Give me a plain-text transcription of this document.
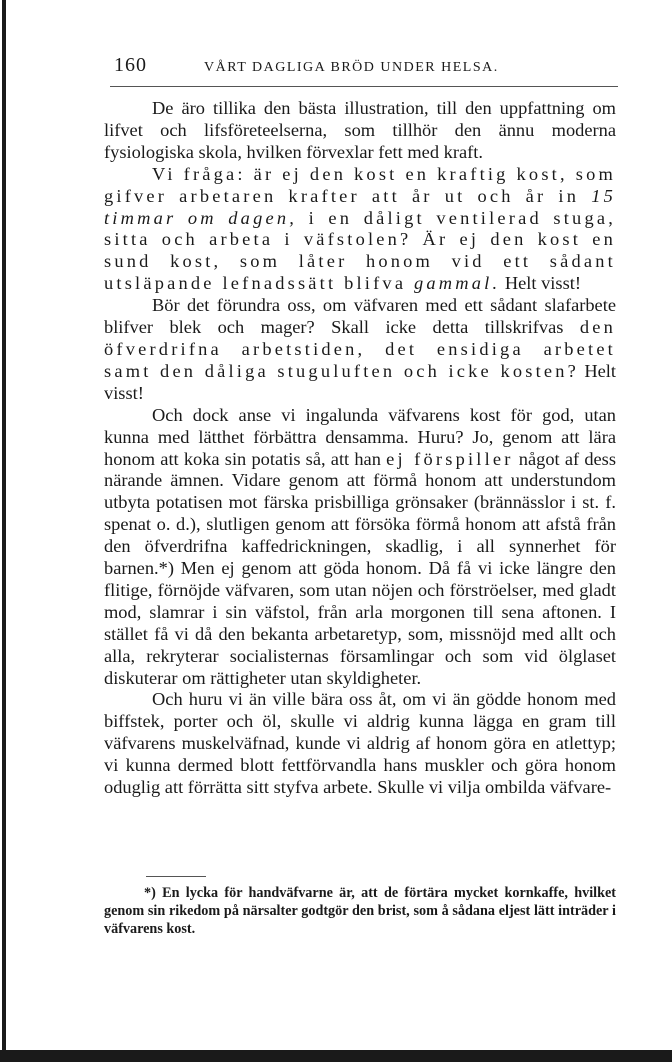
160	VÅRT DAGLIGA BRÖD UNDER HELSA.

De äro tillika den bästa illustration, till den uppfattning om lifvet och lifsföreteelserna, som tillhör den ännu moderna fysiologiska skola, hvilken förvexlar fett med kraft.

Vi fråga: är ej den kost en kraftig kost, som gifver arbetaren krafter att år ut och år in 15 timmar om dagen, i en dåligt ventilerad stuga, sitta och arbeta i väfstolen? Är ej den kost en sund kost, som låter honom vid ett sådant utsläpande lefnadssätt blifva gammal. Helt visst!

Bör det förundra oss, om väfvaren med ett sådant slafarbete blifver blek och mager? Skall icke detta tillskrifvas den öfverdrifna arbetstiden, det ensidiga arbetet samt den dåliga stuguluften och icke kosten? Helt visst!

Och dock anse vi ingalunda väfvarens kost för god, utan kunna med lätthet förbättra densamma. Huru? Jo, genom att lära honom att koka sin potatis så, att han ej förspiller något af dess närande ämnen. Vidare genom att förmå honom att understundom utbyta potatisen mot färska prisbilliga grönsaker (brännässlor i st. f. spenat o. d.), slutligen genom att försöka förmå honom att afstå från den öfverdrifna kaffedrickningen, skadlig, i all synnerhet för barnen.*) Men ej genom att göda honom. Då få vi icke längre den flitige, förnöjde väfvaren, som utan nöjen och förströelser, med gladt mod, slamrar i sin väfstol, från arla morgonen till sena aftonen. I stället få vi då den bekanta arbetaretyp, som, missnöjd med allt och alla, rekryterar socialisternas församlingar och som vid ölglaset diskuterar om rättigheter utan skyldigheter.

Och huru vi än ville bära oss åt, om vi än gödde honom med biffstek, porter och öl, skulle vi aldrig kunna lägga en gram till väfvarens muskelväfnad, kunde vi aldrig af honom göra en atlettyp; vi kunna dermed blott fettförvandla hans muskler och göra honom oduglig att förrätta sitt styfva arbete. Skulle vi vilja ombilda väfvare-

*) En lycka för handväfvarne är, att de förtära mycket kornkaffe, hvilket genom sin rikedom på närsalter godtgör den brist, som å sådana eljest lätt inträder i väfvarens kost.
